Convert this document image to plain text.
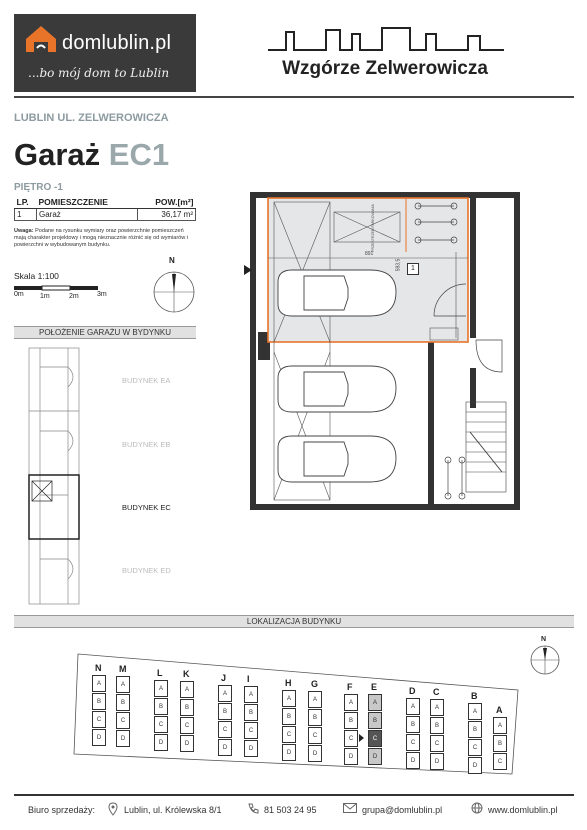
domlublin.pl
...bo mój dom to Lublin	Wzgórze Zelwerowicza
LUBLIN UL. ZELWEROWICZA
Garaż EC1
PIĘTRO -1
LP.	POMIESZCZENIE	POW.[m²]
1	Garaż	36,17 m²
Uwaga: Podane na rysunku wymiary oraz powierzchnie pomieszczeń mają charakter projektowy i mogą nieznacznie różnić się od wymiarów i powierzchni w wybudowanym budynku.
Skala 1:100
0m 1m	2m	3m
N
POŁOŻENIE GARAŻU W BYDYNKU
BUDYNEK EA
BUDYNEK EB
BUDYNEK EC
BUDYNEK ED
891
593,5	1
PRZESTRZEŃ PARKOWANIA
LOKALIZACJA BUDYNKU
N
A
B
C
D
M
A
B
C
D
L
A
B
C
D
K
A
B
C
D
J
A
B
C
D
I
A
B
C
D
H
A
B
C
D
G
A
B
C
D
F
A
B
C
D
E
A
B
C
D
D
A
B
C
D
C
A
B
C
D
B
A
B
C
D
A
A
B
C
N
Biuro sprzedaży:	Lublin, ul. Królewska 8/1	81 503 24 95	grupa@domlublin.pl	www.domlublin.pl
